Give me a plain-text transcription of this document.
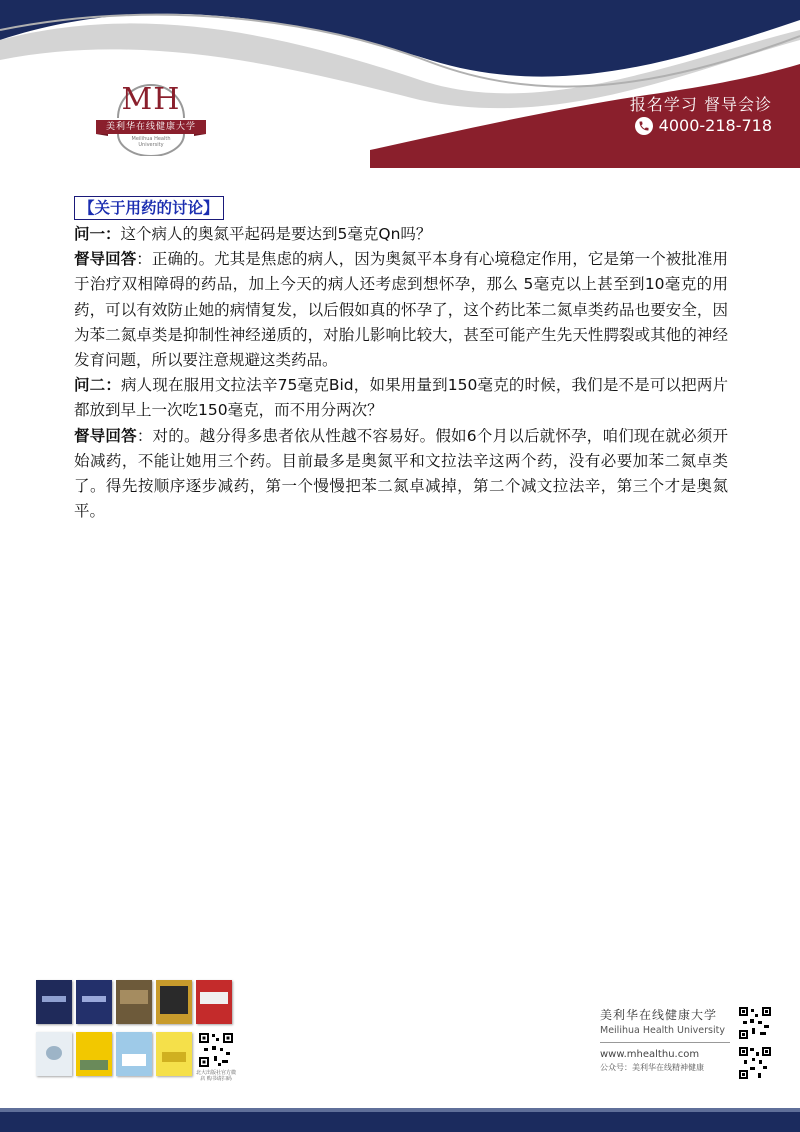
MH
美利华在线健康大学
Meilihua Health University
报名学习 督导会诊
4000-218-718
【关于用药的讨论】

问一：这个病人的奥氮平起码是要达到5毫克Qn吗？

督导回答：正确的。尤其是焦虑的病人，因为奥氮平本身有心境稳定作用，它是第一个被批准用于治疗双相障碍的药品，加上今天的病人还考虑到想怀孕，那么 5毫克以上甚至到10毫克的用药，可以有效防止她的病情复发，以后假如真的怀孕了，这个药比苯二氮卓类药品也要安全，因为苯二氮卓类是抑制性神经递质的，对胎儿影响比较大，甚至可能产生先天性腭裂或其他的神经发育问题，所以要注意规避这类药品。

问二：病人现在服用文拉法辛75毫克Bid，如果用量到150毫克的时候，我们是不是可以把两片都放到早上一次吃150毫克，而不用分两次？

督导回答：对的。越分得多患者依从性越不容易好。假如6个月以后就怀孕，咱们现在就必须开始减药，不能让她用三个药。目前最多是奥氮平和文拉法辛这两个药，没有必要加苯二氮卓类了。得先按顺序逐步减药，第一个慢慢把苯二氮卓减掉，第二个减文拉法辛，第三个才是奥氮平。

北大出版社官方微店 购书请扫码
美利华在线健康大学
Meilihua Health University
www.mhealthu.com
公众号：美利华在线精神健康
